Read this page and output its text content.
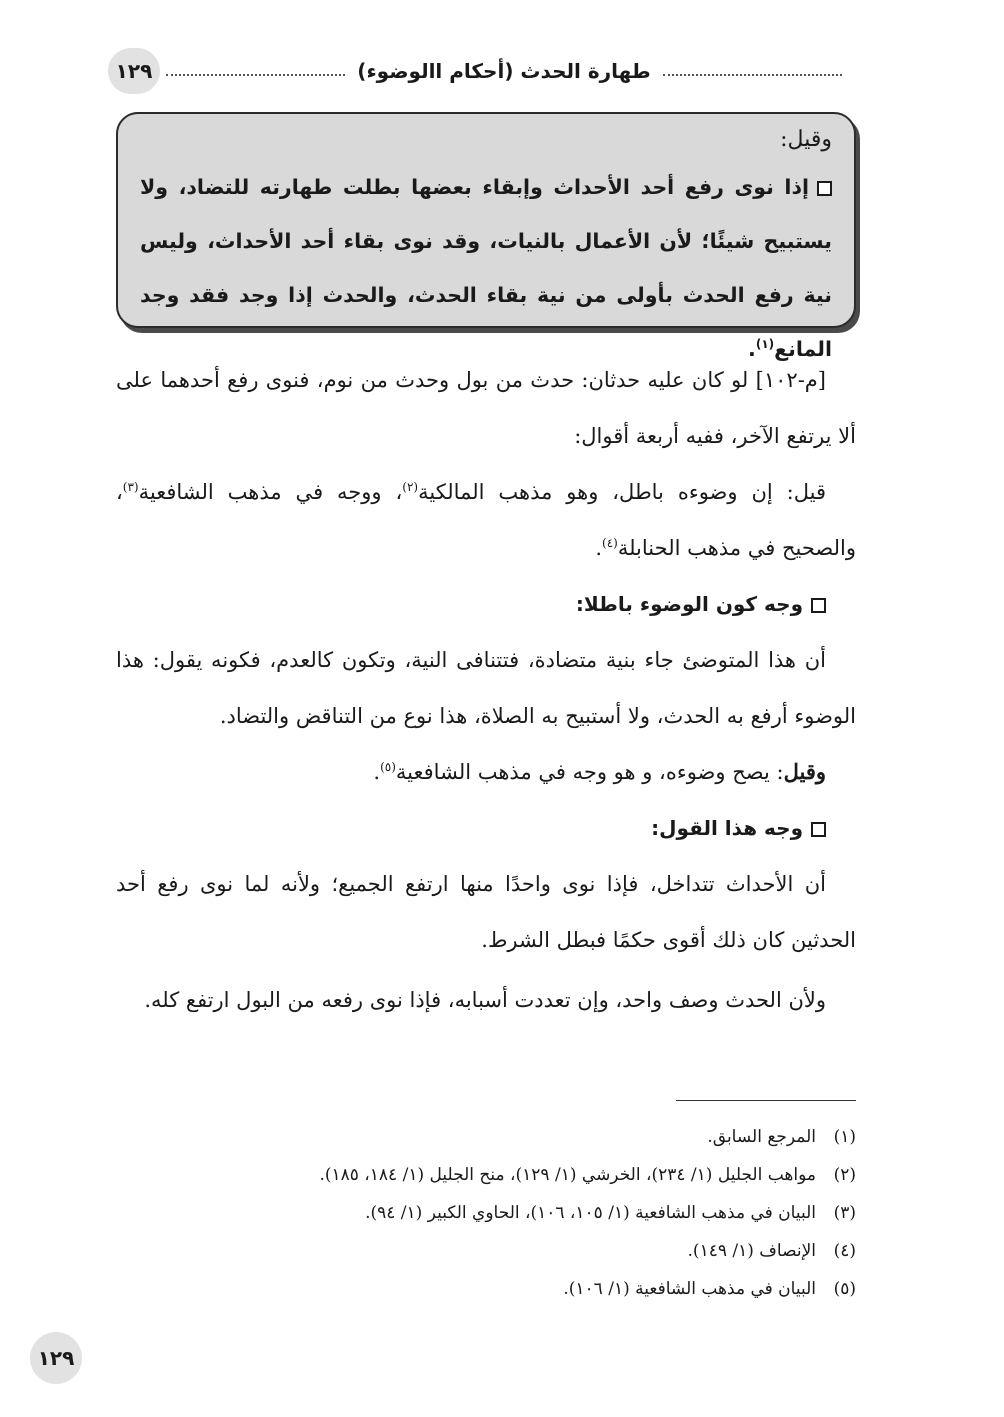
طهارة الحدث (أحكام االوضوء)
١٢٩
وقيل:

إذا نوى رفع أحد الأحداث وإبقاء بعضها بطلت طهارته للتضاد، ولا يستبيح شيئًا؛ لأن الأعمال بالنيات، وقد نوى بقاء أحد الأحداث، وليس نية رفع الحدث بأولى من نية بقاء الحدث، والحدث إذا وجد فقد وجد المانع$^{(١)}$.

[م-١٠٢] لو كان عليه حدثان: حدث من بول وحدث من نوم، فنوى رفع أحدهما على ألا يرتفع الآخر، ففيه أربعة أقوال:

قيل: إن وضوءه باطل، وهو مذهب المالكية$^{(٢)}$، ووجه في مذهب الشافعية$^{(٣)}$، والصحيح في مذهب الحنابلة$^{(٤)}$.

وجه كون الوضوء باطلا:

أن هذا المتوضئ جاء بنية متضادة، فتتنافى النية، وتكون كالعدم، فكونه يقول: هذا الوضوء أرفع به الحدث، ولا أستبيح به الصلاة، هذا نوع من التناقض والتضاد.

وقيل: يصح وضوءه، و هو وجه في مذهب الشافعية$^{(٥)}$.

وجه هذا القول:

أن الأحداث تتداخل، فإذا نوى واحدًا منها ارتفع الجميع؛ ولأنه لما نوى رفع أحد الحدثين كان ذلك أقوى حكمًا فبطل الشرط.

ولأن الحدث وصف واحد، وإن تعددت أسبابه، فإذا نوى رفعه من البول ارتفع كله.

(١)
المرجع السابق.
(٢)
مواهب الجليل (١/ ٢٣٤)، الخرشي (١/ ١٢٩)، منح الجليل (١/ ١٨٤، ١٨٥).
(٣)
البيان في مذهب الشافعية (١/ ١٠٥، ١٠٦)، الحاوي الكبير (١/ ٩٤).
(٤)
الإنصاف (١/ ١٤٩).
(٥)
البيان في مذهب الشافعية (١/ ١٠٦).
١٢٩
